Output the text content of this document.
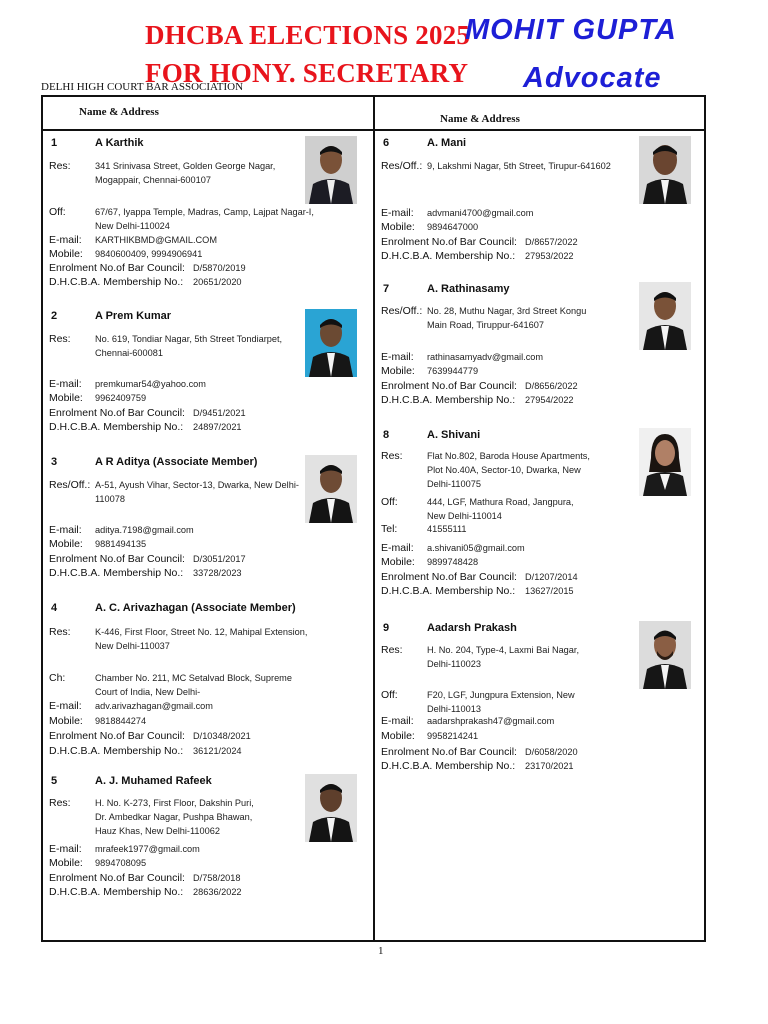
DHCBA ELECTIONS 2025
FOR HONY. SECRETARY
MOHIT GUPTA
Advocate
DELHI HIGH COURT BAR ASSOCIATION
Name & Address
Name & Address
1	A Karthik
Res:	341 Srinivasa Street, Golden George Nagar, Mogappair, Chennai-600107
Off:	67/67, Iyappa Temple, Madras, Camp, Lajpat Nagar-I, New Delhi-110024
E-mail: KARTHIKBMD@GMAIL.COM
Mobile: 9840600409, 9994906941
Enrolment No.of Bar Council: D/5870/2019
D.H.C.B.A. Membership No.: 20651/2020
2	A Prem Kumar
Res:	No. 619, Tondiar Nagar, 5th Street Tondiarpet, Chennai-600081
E-mail: premkumar54@yahoo.com
Mobile: 9962409759
Enrolment No.of Bar Council: D/9451/2021
D.H.C.B.A. Membership No.: 24897/2021
3	A R Aditya (Associate Member)
Res/Off.: A-51, Ayush Vihar, Sector-13, Dwarka, New Delhi-110078
E-mail: aditya.7198@gmail.com
Mobile: 9881494135
Enrolment No.of Bar Council: D/3051/2017
D.H.C.B.A. Membership No.: 33728/2023
4	A. C. Arivazhagan (Associate Member)
Res:	K-446, First Floor, Street No. 12, Mahipal Extension, New Delhi-110037
Ch:	Chamber No. 211, MC Setalvad Block, Supreme Court of India, New Delhi-
E-mail: adv.arivazhagan@gmail.com
Mobile: 9818844274
Enrolment No.of Bar Council: D/10348/2021
D.H.C.B.A. Membership No.: 36121/2024
5	A. J. Muhamed Rafeek
Res:	H. No. K-273, First Floor, Dakshin Puri, Dr. Ambedkar Nagar, Pushpa Bhawan, Hauz Khas, New Delhi-110062
E-mail: mrafeek1977@gmail.com
Mobile: 9894708095
Enrolment No.of Bar Council: D/758/2018
D.H.C.B.A. Membership No.: 28636/2022
6	A. Mani
Res/Off.: 9, Lakshmi Nagar, 5th Street, Tirupur-641602
E-mail: advmani4700@gmail.com
Mobile: 9894647000
Enrolment No.of Bar Council: D/8657/2022
D.H.C.B.A. Membership No.: 27953/2022
7	A. Rathinasamy
Res/Off.: No. 28, Muthu Nagar, 3rd Street Kongu Main Road, Tiruppur-641607
E-mail: rathinasamyadv@gmail.com
Mobile: 7639944779
Enrolment No.of Bar Council: D/8656/2022
D.H.C.B.A. Membership No.: 27954/2022
8	A. Shivani
Res:	Flat No.802, Baroda House Apartments, Plot No.40A, Sector-10, Dwarka, New Delhi-110075
Off:	444, LGF, Mathura Road, Jangpura, New Delhi-110014
Tel:	41555111
E-mail: a.shivani05@gmail.com
Mobile: 9899748428
Enrolment No.of Bar Council: D/1207/2014
D.H.C.B.A. Membership No.: 13627/2015
9	Aadarsh Prakash
Res:	H. No. 204, Type-4, Laxmi Bai Nagar, Delhi-110023
Off:	F20, LGF, Jungpura Extension, New Delhi-110013
E-mail: aadarshprakash47@gmail.com
Mobile: 9958214241
Enrolment No.of Bar Council: D/6058/2020
D.H.C.B.A. Membership No.: 23170/2021
1
